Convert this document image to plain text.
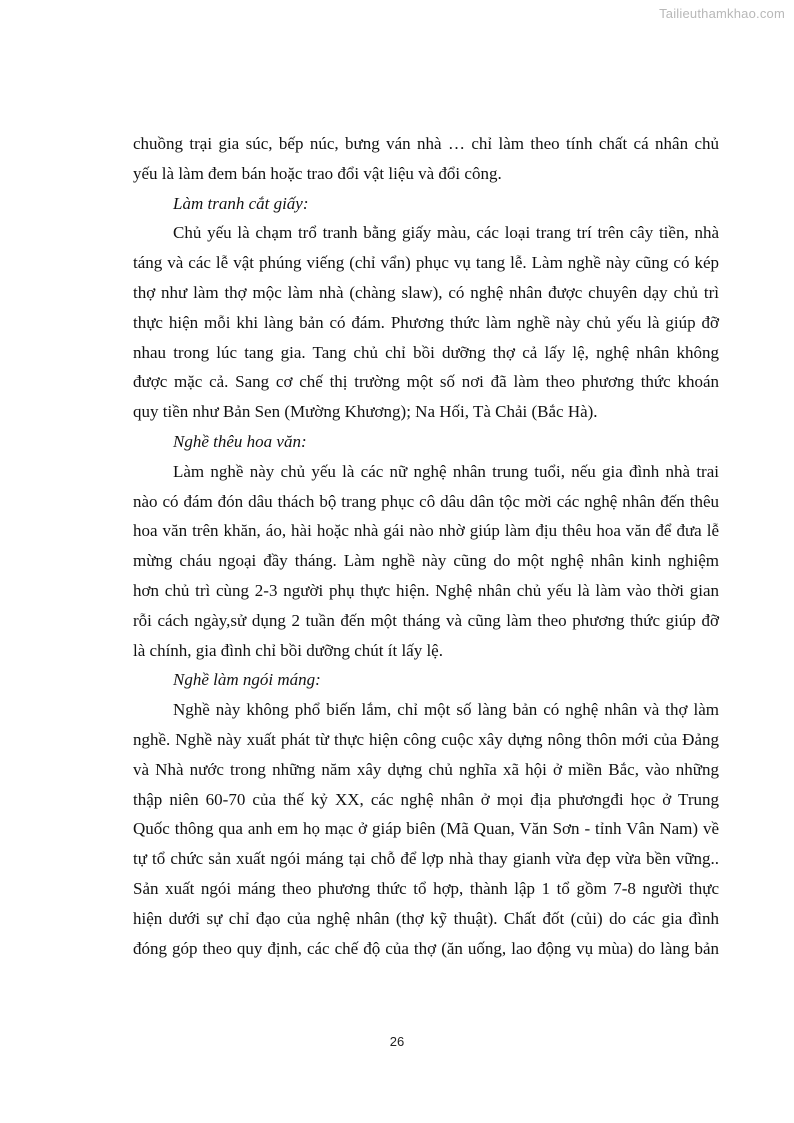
Tailieuthamkhao.com
chuồng trại gia súc, bếp núc, bưng ván nhà … chỉ làm theo tính chất cá nhân chủ
yếu là làm đem bán hoặc trao đổi vật liệu và đổi công.
Làm tranh cắt giấy:
Chủ yếu là chạm trổ tranh bằng giấy màu, các loại trang trí trên cây tiền, nhà
táng và các lễ vật phúng viếng (chỉ vẩn) phục vụ tang lễ. Làm nghề này cũng có kép
thợ như làm thợ mộc làm nhà (chàng slaw), có nghệ nhân được chuyên dạy chủ trì
thực hiện mỗi khi làng bản có đám. Phương thức làm nghề này chủ yếu là giúp đỡ
nhau trong lúc tang gia. Tang chủ chỉ bồi dưỡng thợ cả lấy lệ, nghệ nhân không
được mặc cả. Sang cơ chế thị trường một số nơi đã làm theo phương thức khoán
quy tiền như Bản Sen (Mường Khương); Na Hối, Tà Chải (Bắc Hà).
Nghề thêu hoa văn:
Làm nghề này chủ yếu là các nữ nghệ nhân trung tuổi, nếu gia đình nhà trai
nào có đám đón dâu thách bộ trang phục cô dâu dân tộc mời các nghệ nhân đến thêu
hoa văn trên khăn, áo, hài hoặc nhà gái nào nhờ giúp làm địu thêu hoa văn để đưa lễ
mừng cháu ngoại đầy tháng. Làm nghề này cũng do một nghệ nhân kinh nghiệm
hơn chủ trì cùng 2-3 người phụ thực hiện. Nghệ nhân chủ yếu là làm vào thời gian
rỗi cách ngày,sử dụng 2 tuần đến một tháng và cũng làm theo phương thức giúp đỡ
là chính, gia đình chỉ bồi dưỡng chút ít lấy lệ.
Nghề làm ngói máng:
Nghề này không phổ biến lắm, chỉ một số làng bản có nghệ nhân và thợ làm
nghề. Nghề này xuất phát từ thực hiện công cuộc xây dựng nông thôn mới của Đảng
và Nhà nước trong những năm xây dựng chủ nghĩa xã hội ở miền Bắc, vào những
thập niên 60-70 của thế kỷ XX, các nghệ nhân ở mọi địa phươngđi học ở Trung
Quốc thông qua anh em họ mạc ở giáp biên (Mã Quan, Văn Sơn - tỉnh Vân Nam) về
tự tổ chức sản xuất ngói máng tại chỗ để lợp nhà thay gianh vừa đẹp vừa bền vững..
Sản xuất ngói máng theo phương thức tổ hợp, thành lập 1 tổ gồm 7-8 người thực
hiện dưới sự chỉ đạo của nghệ nhân (thợ kỹ thuật). Chất đốt (củi) do các gia đình
đóng góp theo quy định, các chế độ của thợ (ăn uống, lao động vụ mùa) do làng bản
26
